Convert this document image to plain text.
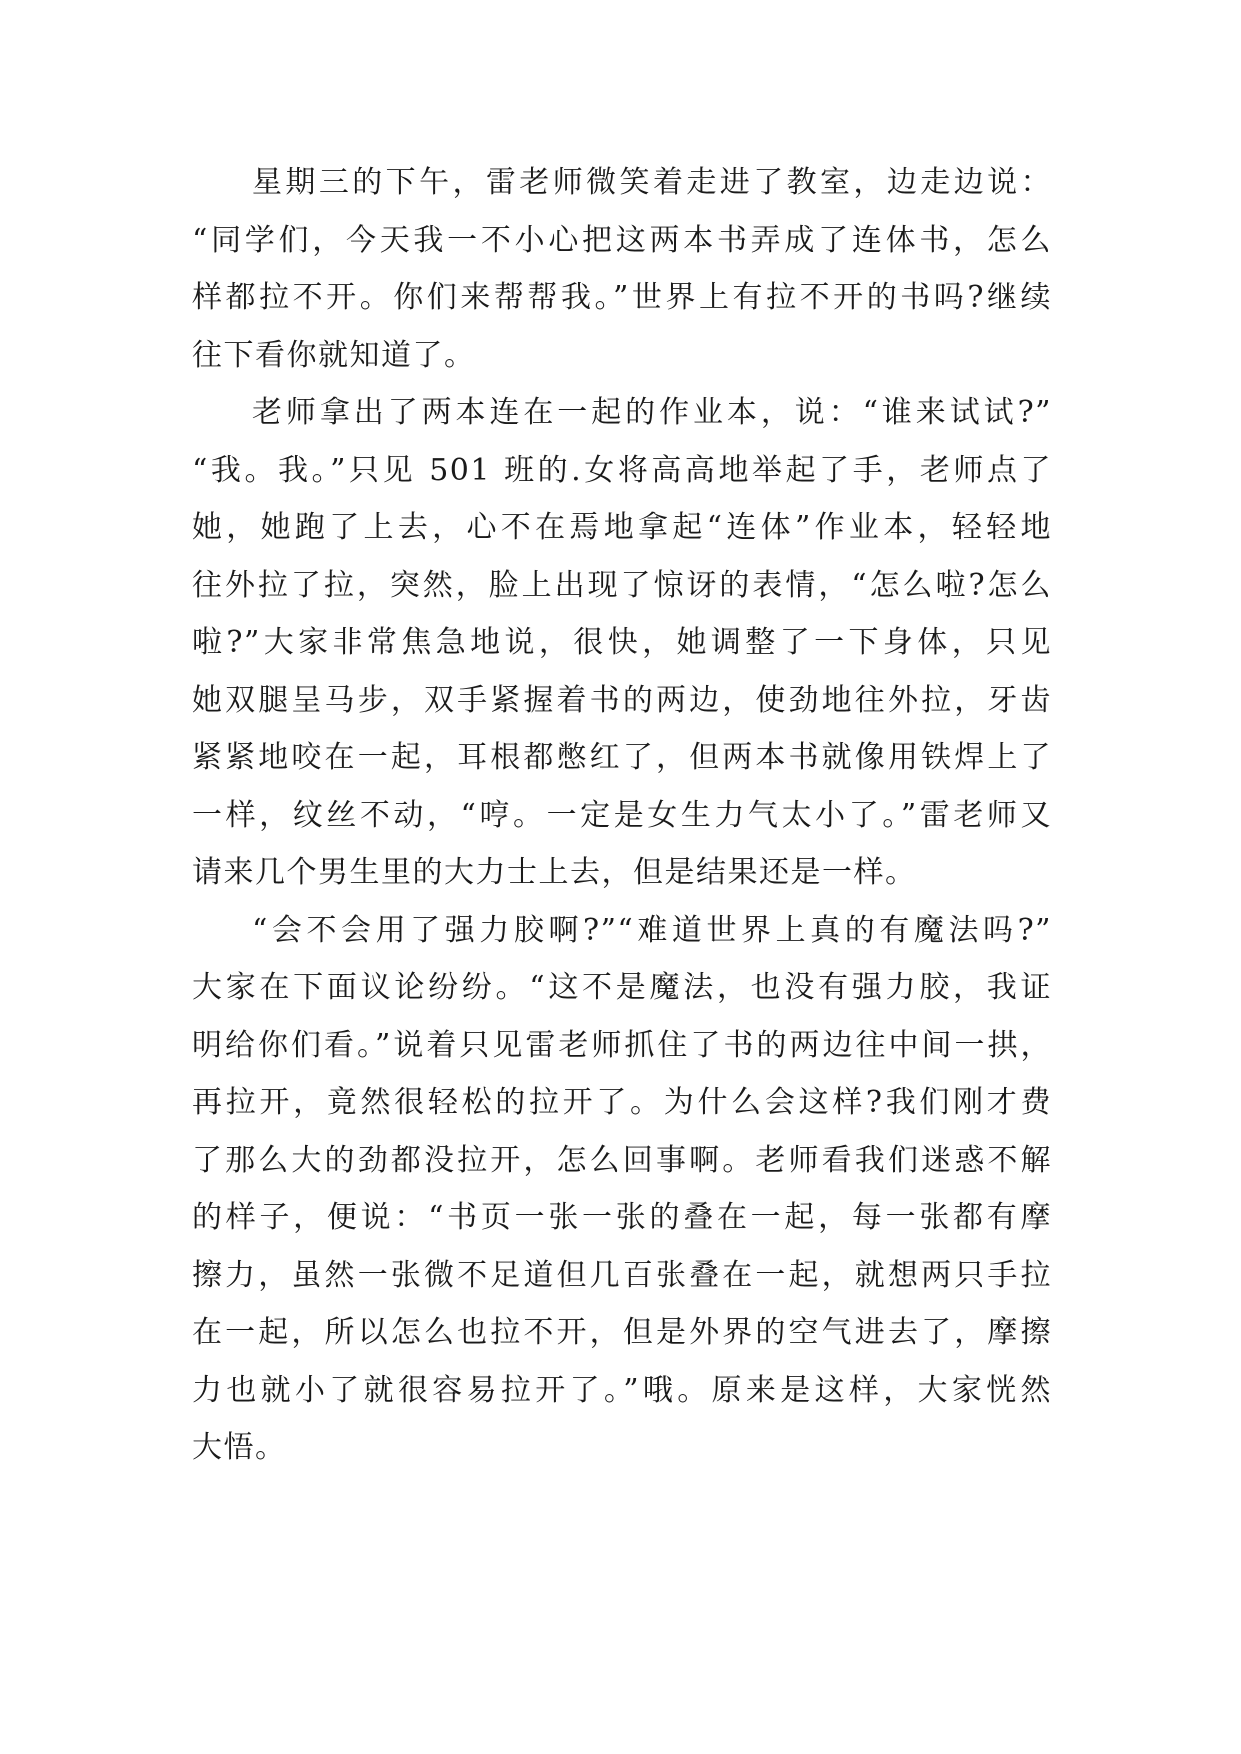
星期三的下午，雷老师微笑着走进了教室，边走边说：
“同学们，今天我一不小心把这两本书弄成了连体书，怎么
样都拉不开。你们来帮帮我。”世界上有拉不开的书吗?继续
往下看你就知道了。
老师拿出了两本连在一起的作业本，说：“谁来试试?”
“我。我。”只见 501 班的.女将高高地举起了手，老师点了
她，她跑了上去，心不在焉地拿起“连体”作业本，轻轻地
往外拉了拉，突然，脸上出现了惊讶的表情，“怎么啦?怎么
啦?”大家非常焦急地说，很快，她调整了一下身体，只见
她双腿呈马步，双手紧握着书的两边，使劲地往外拉，牙齿
紧紧地咬在一起，耳根都憋红了，但两本书就像用铁焊上了
一样，纹丝不动，“哼。一定是女生力气太小了。”雷老师又
请来几个男生里的大力士上去，但是结果还是一样。
“会不会用了强力胶啊?”“难道世界上真的有魔法吗?”
大家在下面议论纷纷。“这不是魔法，也没有强力胶，我证
明给你们看。”说着只见雷老师抓住了书的两边往中间一拱，
再拉开，竟然很轻松的拉开了。为什么会这样?我们刚才费
了那么大的劲都没拉开，怎么回事啊。老师看我们迷惑不解
的样子，便说：“书页一张一张的叠在一起，每一张都有摩
擦力，虽然一张微不足道但几百张叠在一起，就想两只手拉
在一起，所以怎么也拉不开，但是外界的空气进去了，摩擦
力也就小了就很容易拉开了。”哦。原来是这样，大家恍然
大悟。
